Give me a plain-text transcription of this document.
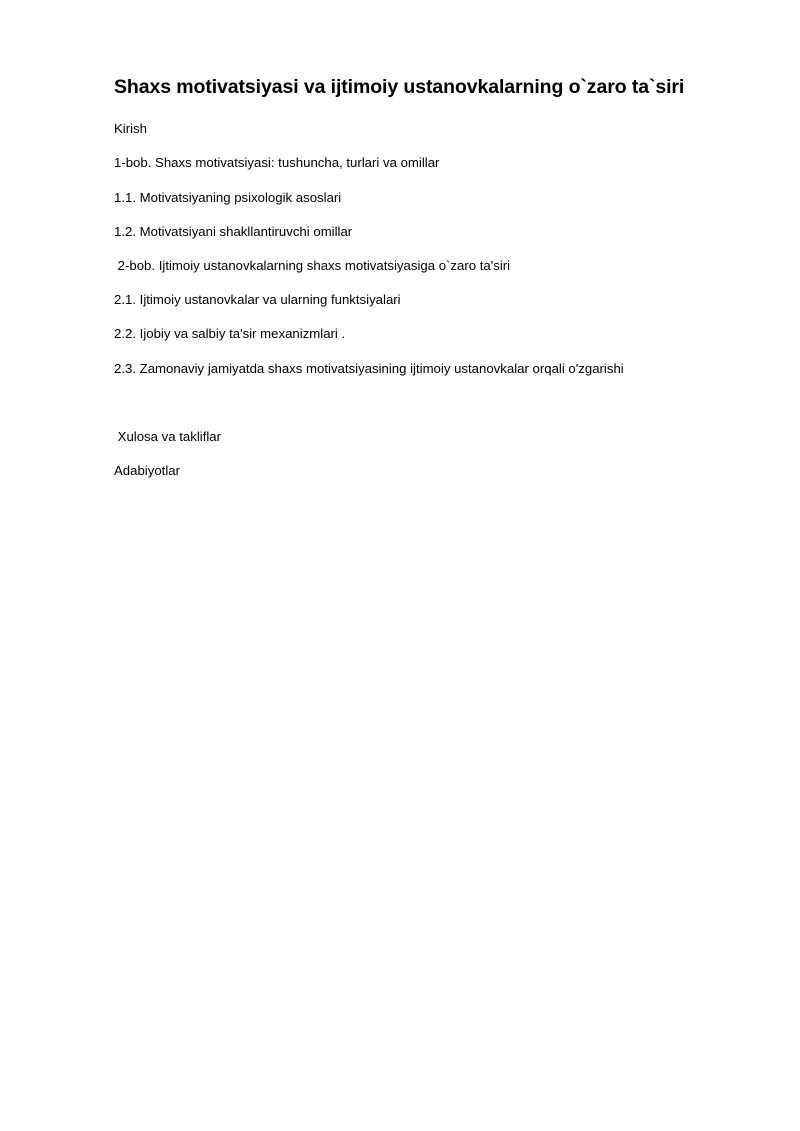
Shaxs motivatsiyasi va ijtimoiy ustanovkalarning o`zaro ta`siri

Kirish

1-bob. Shaxs motivatsiyasi: tushuncha, turlari va omillar

1.1. Motivatsiyaning psixologik asoslari

1.2. Motivatsiyani shakllantiruvchi omillar

2-bob. Ijtimoiy ustanovkalarning shaxs motivatsiyasiga o`zaro ta'siri

2.1. Ijtimoiy ustanovkalar va ularning funktsiyalari

2.2. Ijobiy va salbiy ta'sir mexanizmlari .

2.3. Zamonaviy jamiyatda shaxs motivatsiyasining ijtimoiy ustanovkalar orqali o'zgarishi

Xulosa va takliflar

Adabiyotlar
